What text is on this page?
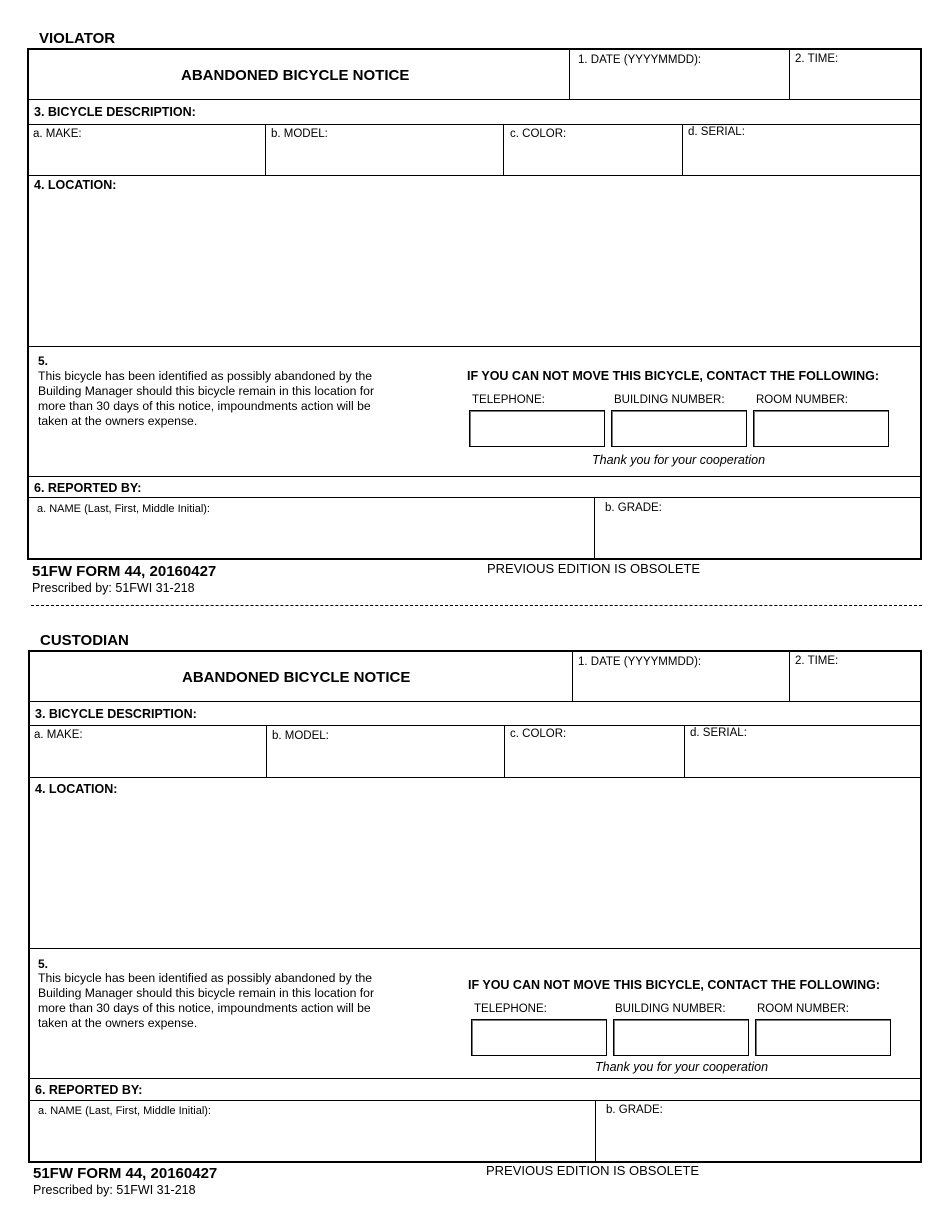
VIOLATOR
ABANDONED BICYCLE NOTICE
1. DATE (YYYYMMDD):	2. TIME:
3. BICYCLE DESCRIPTION:
a. MAKE:	b. MODEL:	c. COLOR:	d. SERIAL:
4. LOCATION:
5.
This bicycle has been identified as possibly abandoned by the Building Manager should this bicycle remain in this location for more than 30 days of this notice, impoundments action will be taken at the owners expense.
IF YOU CAN NOT MOVE THIS BICYCLE, CONTACT THE FOLLOWING:
TELEPHONE:	BUILDING NUMBER:	ROOM NUMBER:
Thank you for your cooperation
6. REPORTED BY:
a. NAME (Last, First, Middle Initial):	b. GRADE:
51FW FORM 44, 20160427
Prescribed by: 51FWI 31-218
PREVIOUS EDITION IS OBSOLETE
CUSTODIAN
ABANDONED BICYCLE NOTICE
1. DATE (YYYYMMDD):	2. TIME:
3. BICYCLE DESCRIPTION:
a. MAKE:	b. MODEL:	c. COLOR:	d. SERIAL:
4. LOCATION:
5.
This bicycle has been identified as possibly abandoned by the Building Manager should this bicycle remain in this location for more than 30 days of this notice, impoundments action will be taken at the owners expense.
IF YOU CAN NOT MOVE THIS BICYCLE, CONTACT THE FOLLOWING:
TELEPHONE:	BUILDING NUMBER:	ROOM NUMBER:
Thank you for your cooperation
6. REPORTED BY:
a. NAME (Last, First, Middle Initial):	b. GRADE:
51FW FORM 44, 20160427
Prescribed by: 51FWI 31-218
PREVIOUS EDITION IS OBSOLETE
